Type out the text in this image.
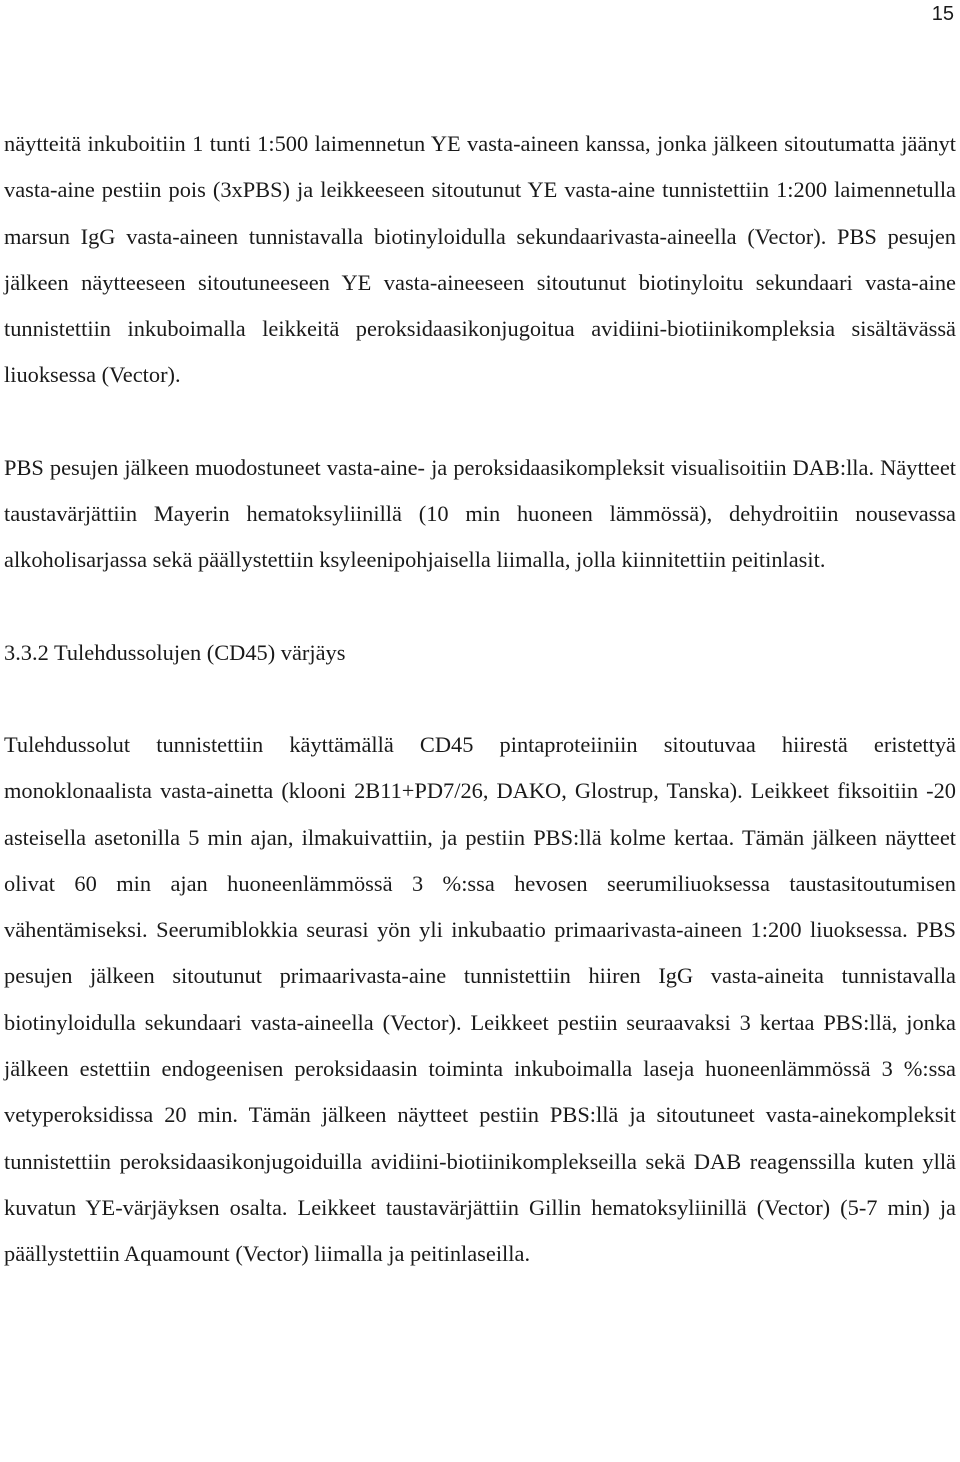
15

näytteitä inkuboitiin 1 tunti 1:500 laimennetun YE vasta-aineen kanssa, jonka jälkeen sitoutumatta jäänyt vasta-aine pestiin pois (3xPBS) ja leikkeeseen sitoutunut YE vasta-aine tunnistettiin 1:200 laimennetulla marsun IgG vasta-aineen tunnistavalla biotinyloidulla sekundaarivasta-aineella (Vector). PBS pesujen jälkeen näytteeseen sitoutuneeseen YE vasta-aineeseen sitoutunut biotinyloitu sekundaari vasta-aine tunnistettiin inkuboimalla leikkeitä peroksidaasikonjugoitua avidiini-biotiinikompleksia sisältävässä liuoksessa (Vector).

PBS pesujen jälkeen muodostuneet vasta-aine- ja peroksidaasikompleksit visualisoitiin DAB:lla. Näytteet taustavärjättiin Mayerin hematoksyliinillä (10 min huoneen lämmössä), dehydroitiin nousevassa alkoholisarjassa sekä päällystettiin ksyleenipohjaisella liimalla, jolla kiinnitettiin peitinlasit.

3.3.2 Tulehdussolujen (CD45) värjäys

Tulehdussolut tunnistettiin käyttämällä CD45 pintaproteiiniin sitoutuvaa hiirestä eristettyä monoklonaalista vasta-ainetta (klooni 2B11+PD7/26, DAKO, Glostrup, Tanska). Leikkeet fiksoitiin -20 asteisella asetonilla 5 min ajan, ilmakuivattiin, ja pestiin PBS:llä kolme kertaa. Tämän jälkeen näytteet olivat 60 min ajan huoneenlämmössä 3 %:ssa hevosen seerumiliuoksessa taustasitoutumisen vähentämiseksi. Seerumiblokkia seurasi yön yli inkubaatio primaarivasta-aineen 1:200 liuoksessa. PBS pesujen jälkeen sitoutunut primaarivasta-aine tunnistettiin hiiren IgG vasta-aineita tunnistavalla biotinyloidulla sekundaari vasta-aineella (Vector). Leikkeet pestiin seuraavaksi 3 kertaa PBS:llä, jonka jälkeen estettiin endogeenisen peroksidaasin toiminta inkuboimalla laseja huoneenlämmössä 3 %:ssa vetyperoksidissa 20 min. Tämän jälkeen näytteet pestiin PBS:llä ja sitoutuneet vasta-ainekompleksit tunnistettiin peroksidaasikonjugoiduilla avidiini-biotiinikomplekseilla sekä DAB reagenssilla kuten yllä kuvatun YE-värjäyksen osalta. Leikkeet taustavärjättiin Gillin hematoksyliinillä (Vector) (5-7 min) ja päällystettiin Aquamount (Vector) liimalla ja peitinlaseilla.
